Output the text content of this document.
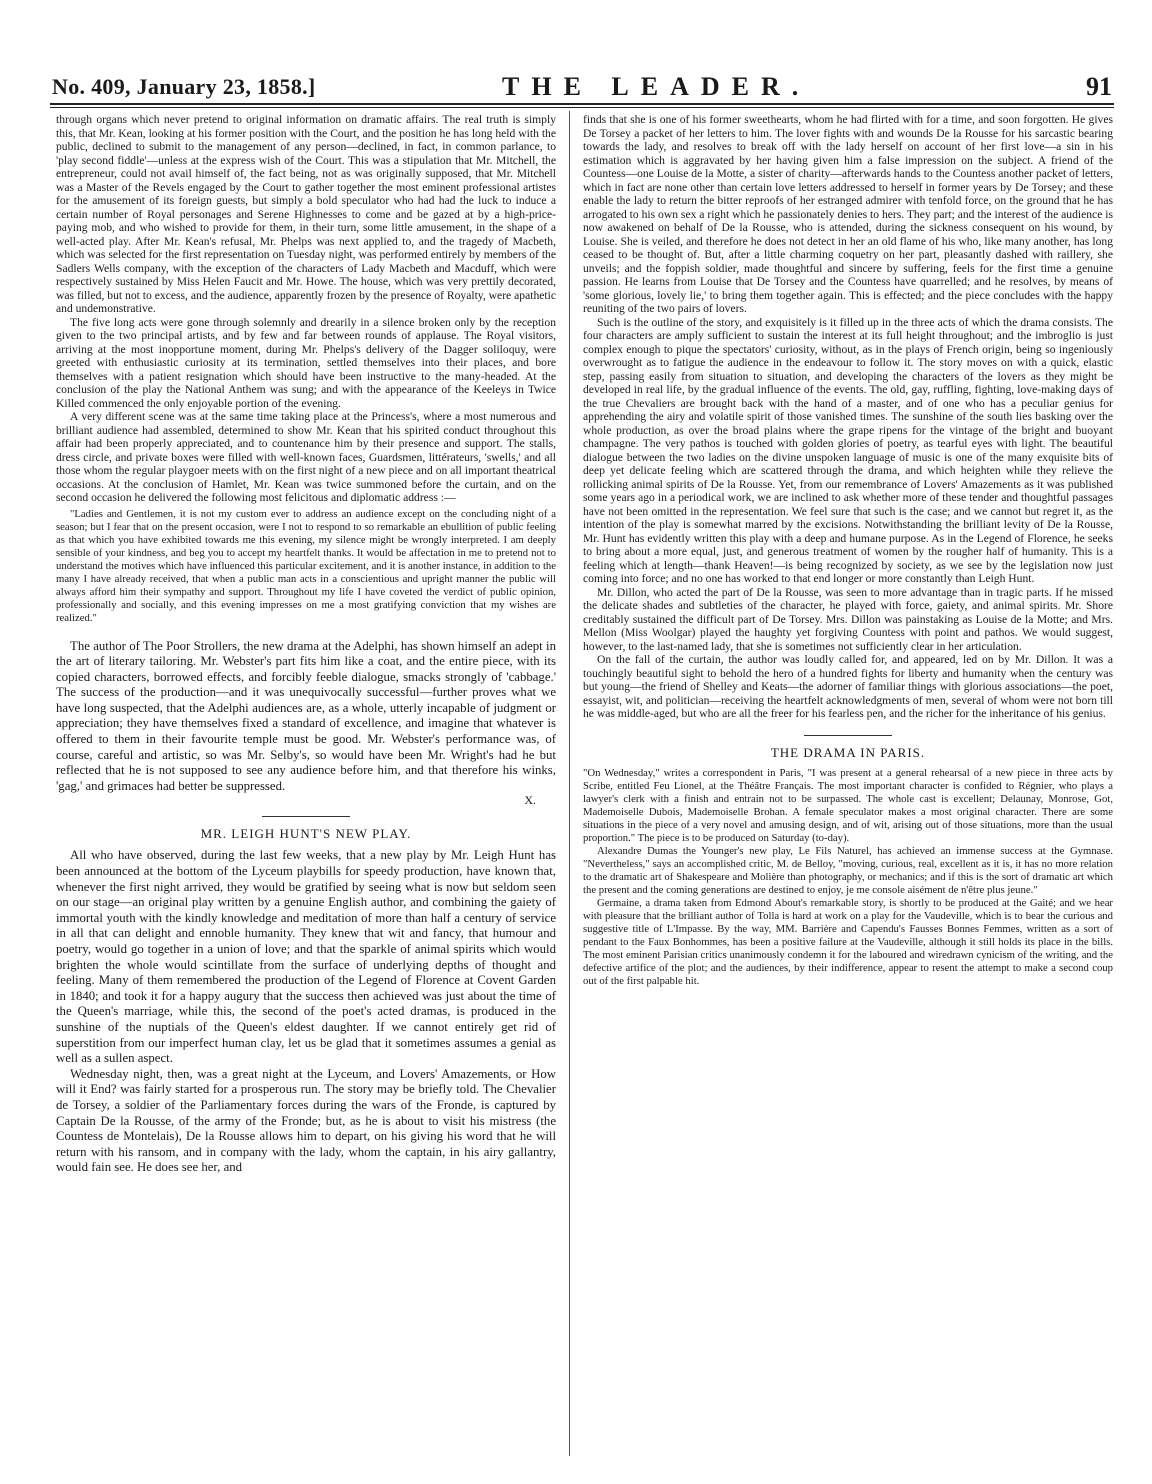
No. 409, January 23, 1858.]	THE LEADER.	91

through organs which never pretend to original information on dramatic affairs. The real truth is simply this, that Mr. Kean, looking at his former position with the Court, and the position he has long held with the public, declined to submit to the management of any person—declined, in fact, in common parlance, to 'play second fiddle'—unless at the express wish of the Court. This was a stipulation that Mr. Mitchell, the entrepreneur, could not avail himself of, the fact being, not as was originally supposed, that Mr. Mitchell was a Master of the Revels engaged by the Court to gather together the most eminent professional artistes for the amusement of its foreign guests, but simply a bold speculator who had had the luck to induce a certain number of Royal personages and Serene Highnesses to come and be gazed at by a high-price-paying mob, and who wished to provide for them, in their turn, some little amusement, in the shape of a well-acted play. After Mr. Kean's refusal, Mr. Phelps was next applied to, and the tragedy of Macbeth, which was selected for the first representation on Tuesday night, was performed entirely by members of the Sadlers Wells company, with the exception of the characters of Lady Macbeth and Macduff, which were respectively sustained by Miss Helen Faucit and Mr. Howe. The house, which was very prettily decorated, was filled, but not to excess, and the audience, apparently frozen by the presence of Royalty, were apathetic and undemonstrative.

The five long acts were gone through solemnly and drearily in a silence broken only by the reception given to the two principal artists, and by few and far between rounds of applause. The Royal visitors, arriving at the most inopportune moment, during Mr. Phelps's delivery of the Dagger soliloquy, were greeted with enthusiastic curiosity at its termination, settled themselves into their places, and bore themselves with a patient resignation which should have been instructive to the many-headed. At the conclusion of the play the National Anthem was sung; and with the appearance of the Keeleys in Twice Killed commenced the only enjoyable portion of the evening.

A very different scene was at the same time taking place at the Princess's, where a most numerous and brilliant audience had assembled, determined to show Mr. Kean that his spirited conduct throughout this affair had been properly appreciated, and to countenance him by their presence and support. The stalls, dress circle, and private boxes were filled with well-known faces, Guardsmen, littérateurs, 'swells,' and all those whom the regular playgoer meets with on the first night of a new piece and on all important theatrical occasions. At the conclusion of Hamlet, Mr. Kean was twice summoned before the curtain, and on the second occasion he delivered the following most felicitous and diplomatic address :—

"Ladies and Gentlemen, it is not my custom ever to address an audience except on the concluding night of a season; but I fear that on the present occasion, were I not to respond to so remarkable an ebullition of public feeling as that which you have exhibited towards me this evening, my silence might be wrongly interpreted. I am deeply sensible of your kindness, and beg you to accept my heartfelt thanks. It would be affectation in me to pretend not to understand the motives which have influenced this particular excitement, and it is another instance, in addition to the many I have already received, that when a public man acts in a conscientious and upright manner the public will always afford him their sympathy and support. Throughout my life I have coveted the verdict of public opinion, professionally and socially, and this evening impresses on me a most gratifying conviction that my wishes are realized."

The author of The Poor Strollers, the new drama at the Adelphi, has shown himself an adept in the art of literary tailoring. Mr. Webster's part fits him like a coat, and the entire piece, with its copied characters, borrowed effects, and forcibly feeble dialogue, smacks strongly of 'cabbage.' The success of the production—and it was unequivocally successful—further proves what we have long suspected, that the Adelphi audiences are, as a whole, utterly incapable of judgment or appreciation; they have themselves fixed a standard of excellence, and imagine that whatever is offered to them in their favourite temple must be good. Mr. Webster's performance was, of course, careful and artistic, so was Mr. Selby's, so would have been Mr. Wright's had he but reflected that he is not supposed to see any audience before him, and that therefore his winks, 'gag,' and grimaces had better be suppressed.

X.

MR. LEIGH HUNT'S NEW PLAY.

All who have observed, during the last few weeks, that a new play by Mr. Leigh Hunt has been announced at the bottom of the Lyceum playbills for speedy production, have known that, whenever the first night arrived, they would be gratified by seeing what is now but seldom seen on our stage—an original play written by a genuine English author, and combining the gaiety of immortal youth with the kindly knowledge and meditation of more than half a century of service in all that can delight and ennoble humanity. They knew that wit and fancy, that humour and poetry, would go together in a union of love; and that the sparkle of animal spirits which would brighten the whole would scintillate from the surface of underlying depths of thought and feeling. Many of them remembered the production of the Legend of Florence at Covent Garden in 1840; and took it for a happy augury that the success then achieved was just about the time of the Queen's marriage, while this, the second of the poet's acted dramas, is produced in the sunshine of the nuptials of the Queen's eldest daughter. If we cannot entirely get rid of superstition from our imperfect human clay, let us be glad that it sometimes assumes a genial as well as a sullen aspect.

Wednesday night, then, was a great night at the Lyceum, and Lovers' Amazements, or How will it End? was fairly started for a prosperous run. The story may be briefly told. The Chevalier de Torsey, a soldier of the Parliamentary forces during the wars of the Fronde, is captured by Captain De la Rousse, of the army of the Fronde; but, as he is about to visit his mistress (the Countess de Montelais), De la Rousse allows him to depart, on his giving his word that he will return with his ransom, and in company with the lady, whom the captain, in his airy gallantry, would fain see. He does see her, and

finds that she is one of his former sweethearts, whom he had flirted with for a time, and soon forgotten. He gives De Torsey a packet of her letters to him. The lover fights with and wounds De la Rousse for his sarcastic bearing towards the lady, and resolves to break off with the lady herself on account of her first love—a sin in his estimation which is aggravated by her having given him a false impression on the subject. A friend of the Countess—one Louise de la Motte, a sister of charity—afterwards hands to the Countess another packet of letters, which in fact are none other than certain love letters addressed to herself in former years by De Torsey; and these enable the lady to return the bitter reproofs of her estranged admirer with tenfold force, on the ground that he has arrogated to his own sex a right which he passionately denies to hers. They part; and the interest of the audience is now awakened on behalf of De la Rousse, who is attended, during the sickness consequent on his wound, by Louise. She is veiled, and therefore he does not detect in her an old flame of his who, like many another, has long ceased to be thought of. But, after a little charming coquetry on her part, pleasantly dashed with raillery, she unveils; and the foppish soldier, made thoughtful and sincere by suffering, feels for the first time a genuine passion. He learns from Louise that De Torsey and the Countess have quarrelled; and he resolves, by means of 'some glorious, lovely lie,' to bring them together again. This is effected; and the piece concludes with the happy reuniting of the two pairs of lovers.

Such is the outline of the story, and exquisitely is it filled up in the three acts of which the drama consists. The four characters are amply sufficient to sustain the interest at its full height throughout; and the imbroglio is just complex enough to pique the spectators' curiosity, without, as in the plays of French origin, being so ingeniously overwrought as to fatigue the audience in the endeavour to follow it. The story moves on with a quick, elastic step, passing easily from situation to situation, and developing the characters of the lovers as they might be developed in real life, by the gradual influence of the events. The old, gay, ruffling, fighting, love-making days of the true Chevaliers are brought back with the hand of a master, and of one who has a peculiar genius for apprehending the airy and volatile spirit of those vanished times. The sunshine of the south lies basking over the whole production, as over the broad plains where the grape ripens for the vintage of the bright and buoyant champagne. The very pathos is touched with golden glories of poetry, as tearful eyes with light. The beautiful dialogue between the two ladies on the divine unspoken language of music is one of the many exquisite bits of deep yet delicate feeling which are scattered through the drama, and which heighten while they relieve the rollicking animal spirits of De la Rousse. Yet, from our remembrance of Lovers' Amazements as it was published some years ago in a periodical work, we are inclined to ask whether more of these tender and thoughtful passages have not been omitted in the representation. We feel sure that such is the case; and we cannot but regret it, as the intention of the play is somewhat marred by the excisions. Notwithstanding the brilliant levity of De la Rousse, Mr. Hunt has evidently written this play with a deep and humane purpose. As in the Legend of Florence, he seeks to bring about a more equal, just, and generous treatment of women by the rougher half of humanity. This is a feeling which at length—thank Heaven!—is being recognized by society, as we see by the legislation now just coming into force; and no one has worked to that end longer or more constantly than Leigh Hunt.

Mr. Dillon, who acted the part of De la Rousse, was seen to more advantage than in tragic parts. If he missed the delicate shades and subtleties of the character, he played with force, gaiety, and animal spirits. Mr. Shore creditably sustained the difficult part of De Torsey. Mrs. Dillon was painstaking as Louise de la Motte; and Mrs. Mellon (Miss Woolgar) played the haughty yet forgiving Countess with point and pathos. We would suggest, however, to the last-named lady, that she is sometimes not sufficiently clear in her articulation.

On the fall of the curtain, the author was loudly called for, and appeared, led on by Mr. Dillon. It was a touchingly beautiful sight to behold the hero of a hundred fights for liberty and humanity when the century was but young—the friend of Shelley and Keats—the adorner of familiar things with glorious associations—the poet, essayist, wit, and politician—receiving the heartfelt acknowledgments of men, several of whom were not born till he was middle-aged, but who are all the freer for his fearless pen, and the richer for the inheritance of his genius.

THE DRAMA IN PARIS.

"On Wednesday," writes a correspondent in Paris, "I was present at a general rehearsal of a new piece in three acts by Scribe, entitled Feu Lionel, at the Théâtre Français. The most important character is confided to Régnier, who plays a lawyer's clerk with a finish and entrain not to be surpassed. The whole cast is excellent; Delaunay, Monrose, Got, Mademoiselle Dubois, Mademoiselle Brohan. A female speculator makes a most original character. There are some situations in the piece of a very novel and amusing design, and of wit, arising out of those situations, more than the usual proportion." The piece is to be produced on Saturday (to-day).

Alexandre Dumas the Younger's new play, Le Fils Naturel, has achieved an immense success at the Gymnase. "Nevertheless," says an accomplished critic, M. de Belloy, "moving, curious, real, excellent as it is, it has no more relation to the dramatic art of Shakespeare and Molière than photography, or mechanics; and if this is the sort of dramatic art which the present and the coming generations are destined to enjoy, je me console aisément de n'être plus jeune."

Germaine, a drama taken from Edmond About's remarkable story, is shortly to be produced at the Gaité; and we hear with pleasure that the brilliant author of Tolla is hard at work on a play for the Vaudeville, which is to bear the curious and suggestive title of L'Impasse. By the way, MM. Barrière and Capendu's Fausses Bonnes Femmes, written as a sort of pendant to the Faux Bonhommes, has been a positive failure at the Vaudeville, although it still holds its place in the bills. The most eminent Parisian critics unanimously condemn it for the laboured and wiredrawn cynicism of the writing, and the defective artifice of the plot; and the audiences, by their indifference, appear to resent the attempt to make a second coup out of the first palpable hit.
